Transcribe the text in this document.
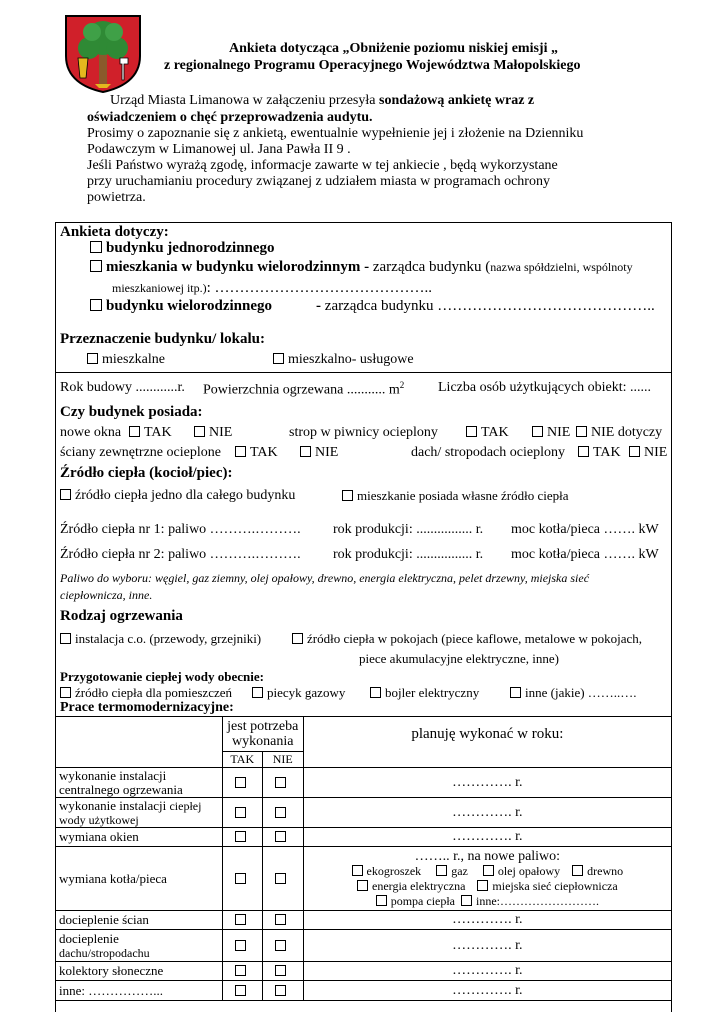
Ankieta dotycząca „Obniżenie poziomu niskiej emisji „
z regionalnego Programu Operacyjnego Województwa Małopolskiego
Urząd Miasta Limanowa w załączeniu przesyła sondażową ankietę wraz z
oświadczeniem o chęć przeprowadzenia audytu.
Prosimy o zapoznanie się z ankietą, ewentualnie wypełnienie jej i złożenie na Dzienniku
Podawczym w Limanowej ul. Jana Pawła II 9 .
Jeśli Państwo wyrażą zgodę, informacje zawarte w tej ankiecie , będą wykorzystane
przy uruchamianiu procedury związanej z udziałem miasta w programach ochrony
powietrza.
Ankieta dotyczy:
budynku jednorodzinnego
mieszkania w budynku wielorodzinnym - zarządca budynku (nazwa spółdzielni, wspólnoty
mieszkaniowej itp.): ……………………………………..
budynku wielorodzinnego	- zarządca budynku ……………………………………..
Przeznaczenie budynku/ lokalu:
mieszkalne	mieszkalno- usługowe
Rok budowy ............r. Powierzchnia ogrzewana ........... $m^2$ Liczba osób użytkujących obiekt: ......
Czy budynek posiada:
nowe okna	TAK	NIE	strop w piwnicy ocieplony	TAK	NIE	NIE dotyczy
ściany zewnętrzne ocieplone	TAK	NIE	dach/ stropodach ocieplony	TAK	NIE
Źródło ciepła (kocioł/piec):
źródło ciepła jedno dla całego budynku	mieszkanie posiada własne źródło ciepła
Źródło ciepła nr 1: paliwo ……….………. rok produkcji: ................ r. moc kotła/pieca ……. kW
Źródło ciepła nr 2: paliwo ……….………. rok produkcji: ................ r. moc kotła/pieca ……. kW
Paliwo do wyboru: węgiel, gaz ziemny, olej opałowy, drewno, energia elektryczna, pelet drzewny, miejska sieć
ciepłownicza, inne.
Rodzaj ogrzewania
instalacja c.o. (przewody, grzejniki)	źródło ciepła w pokojach (piece kaflowe, metalowe w pokojach,
piece akumulacyjne elektryczne, inne)
Przygotowanie ciepłej wody obecnie:
źródło ciepła dla pomieszczeń	piecyk gazowy	bojler elektryczny	inne (jakie) ……..….
Prace termomodernizacyjne:
	jest potrzeba wykonania		planuję wykonać w roku:
	TAK	NIE	
wykonanie instalacji
centralnego ogrzewania			…………. r.
wykonanie instalacji ciepłej
wody użytkowej			…………. r.
wymiana okien			…………. r.
wymiana kotła/pieca			…….. r., na nowe paliwo:
ekogroszek gaz olej opałowy drewno
energia elektryczna miejska sieć ciepłownicza
pompa ciepła inne:…………………….

docieplenie ścian			…………. r.
docieplenie
dachu/stropodachu			…………. r.
kolektory słoneczne			…………. r.
inne: ……………...			…………. r.
